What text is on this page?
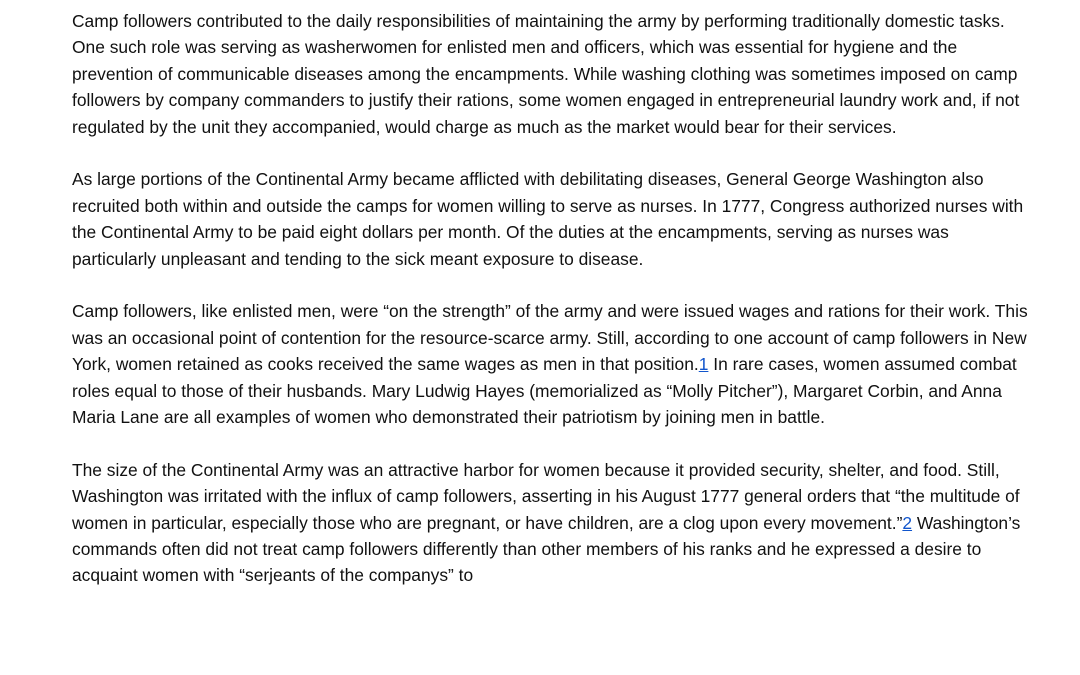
Camp followers contributed to the daily responsibilities of maintaining the army by performing traditionally domestic tasks. One such role was serving as washerwomen for enlisted men and officers, which was essential for hygiene and the prevention of communicable diseases among the encampments. While washing clothing was sometimes imposed on camp followers by company commanders to justify their rations, some women engaged in entrepreneurial laundry work and, if not regulated by the unit they accompanied, would charge as much as the market would bear for their services.

As large portions of the Continental Army became afflicted with debilitating diseases, General George Washington also recruited both within and outside the camps for women willing to serve as nurses. In 1777, Congress authorized nurses with the Continental Army to be paid eight dollars per month. Of the duties at the encampments, serving as nurses was particularly unpleasant and tending to the sick meant exposure to disease.

Camp followers, like enlisted men, were “on the strength” of the army and were issued wages and rations for their work. This was an occasional point of contention for the resource-scarce army. Still, according to one account of camp followers in New York, women retained as cooks received the same wages as men in that position.1 In rare cases, women assumed combat roles equal to those of their husbands. Mary Ludwig Hayes (memorialized as “Molly Pitcher”), Margaret Corbin, and Anna Maria Lane are all examples of women who demonstrated their patriotism by joining men in battle.

The size of the Continental Army was an attractive harbor for women because it provided security, shelter, and food. Still, Washington was irritated with the influx of camp followers, asserting in his August 1777 general orders that “the multitude of women in particular, especially those who are pregnant, or have children, are a clog upon every movement.”2 Washington’s commands often did not treat camp followers differently than other members of his ranks and he expressed a desire to acquaint women with “serjeants of the companys” to
